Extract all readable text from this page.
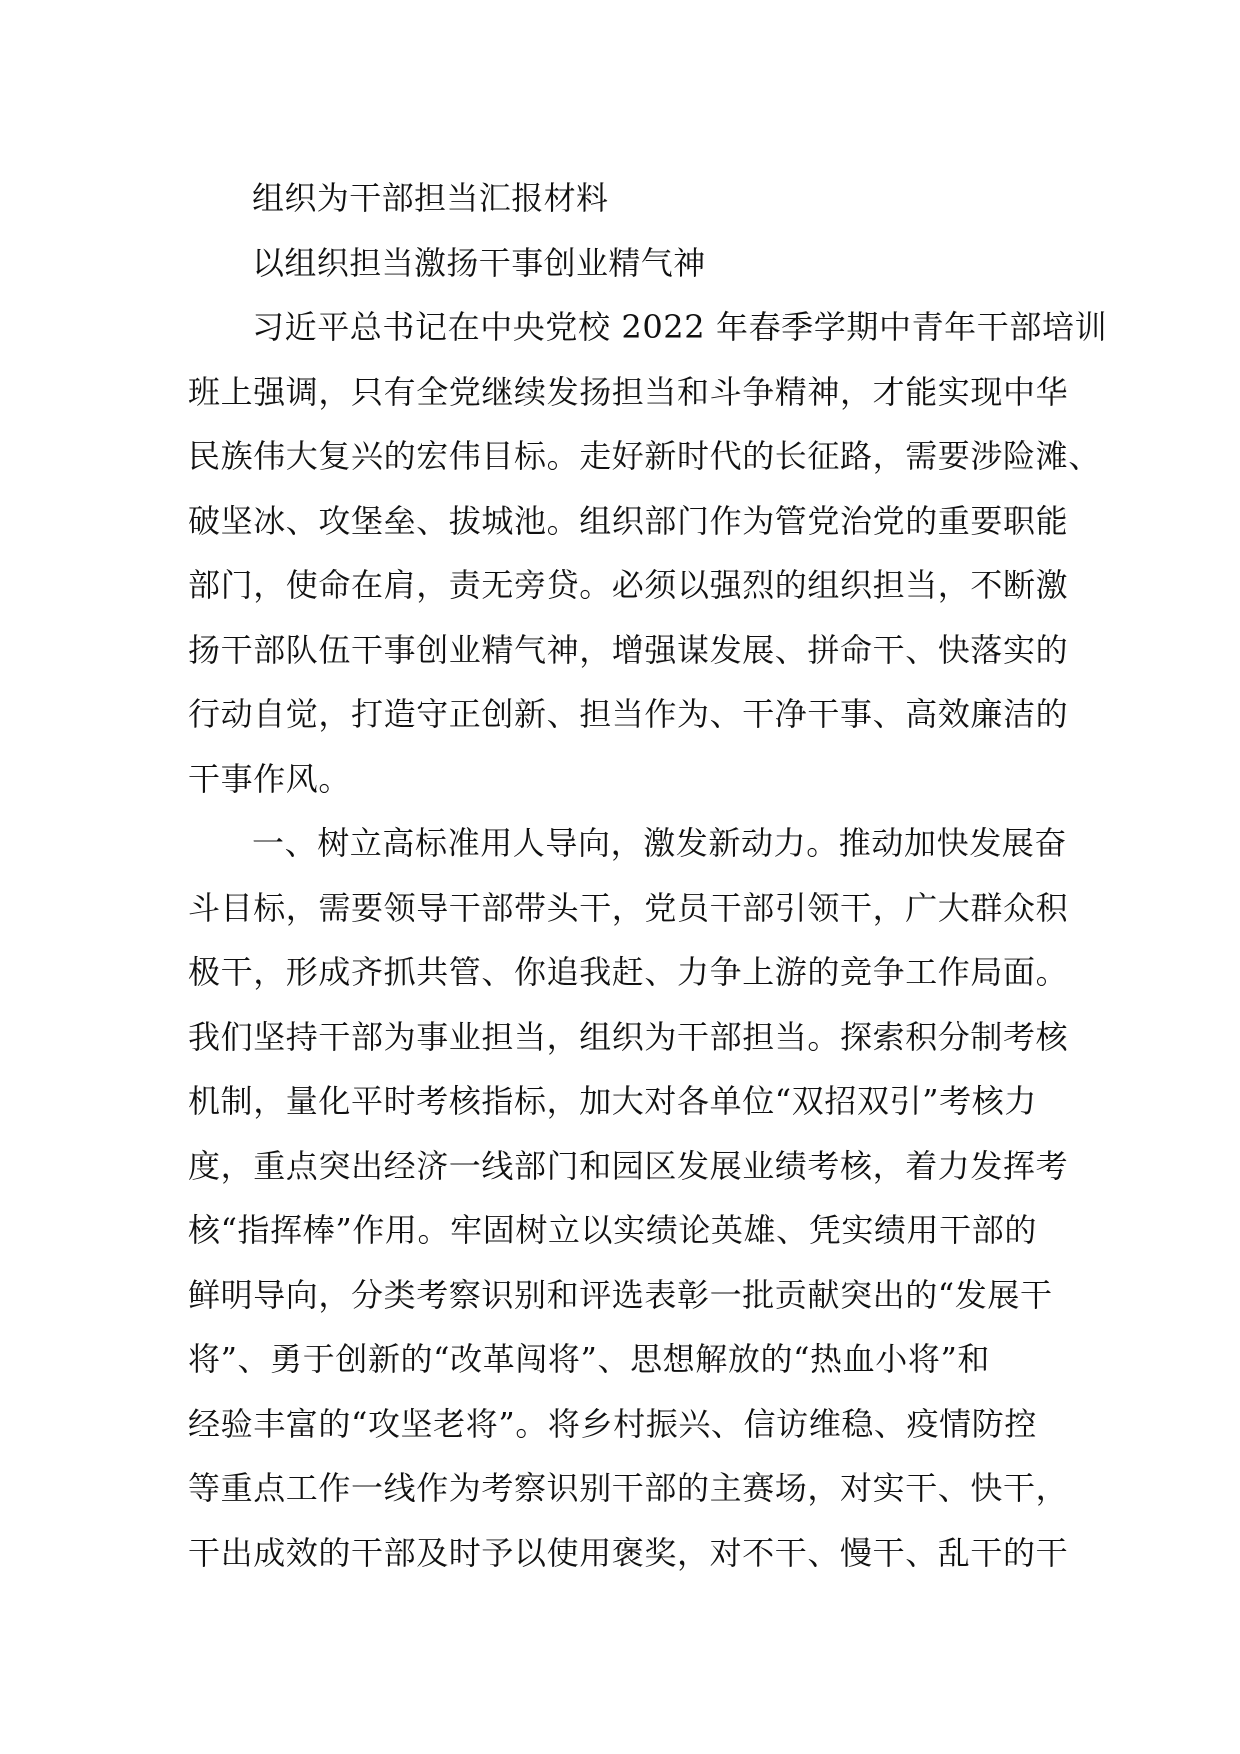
组织为干部担当汇报材料
以组织担当激扬干事创业精气神
习近平总书记在中央党校 2022 年春季学期中青年干部培训
班上强调，只有全党继续发扬担当和斗争精神，才能实现中华
民族伟大复兴的宏伟目标。走好新时代的长征路，需要涉险滩、
破坚冰、攻堡垒、拔城池。组织部门作为管党治党的重要职能
部门，使命在肩，责无旁贷。必须以强烈的组织担当，不断激
扬干部队伍干事创业精气神，增强谋发展、拼命干、快落实的
行动自觉，打造守正创新、担当作为、干净干事、高效廉洁的
干事作风。
一、树立高标准用人导向，激发新动力。推动加快发展奋
斗目标，需要领导干部带头干，党员干部引领干，广大群众积
极干，形成齐抓共管、你追我赶、力争上游的竞争工作局面。
我们坚持干部为事业担当，组织为干部担当。探索积分制考核
机制，量化平时考核指标，加大对各单位“双招双引”考核力
度，重点突出经济一线部门和园区发展业绩考核，着力发挥考
核“指挥棒”作用。牢固树立以实绩论英雄、凭实绩用干部的
鲜明导向，分类考察识别和评选表彰一批贡献突出的“发展干
将”、勇于创新的“改革闯将”、思想解放的“热血小将”和
经验丰富的“攻坚老将”。将乡村振兴、信访维稳、疫情防控
等重点工作一线作为考察识别干部的主赛场，对实干、快干，
干出成效的干部及时予以使用褒奖，对不干、慢干、乱干的干
